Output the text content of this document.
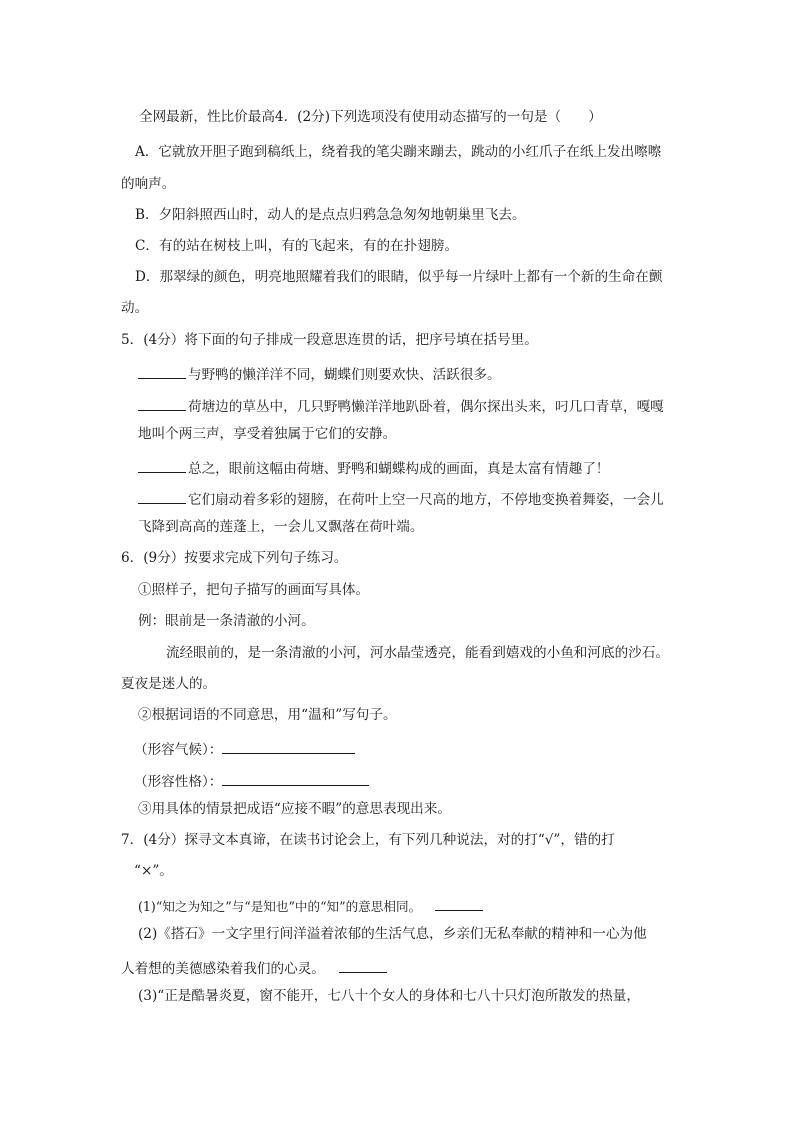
全网最新，性比价最高4．(2分)下列选项没有使用动态描写的一句是（　　）
A．它就放开胆子跑到稿纸上，绕着我的笔尖蹦来蹦去，跳动的小红爪子在纸上发出嚓嚓
的响声。
B．夕阳斜照西山时，动人的是点点归鸦急急匆匆地朝巢里飞去。
C．有的站在树枝上叫，有的飞起来，有的在扑翅膀。
D．那翠绿的颜色，明亮地照耀着我们的眼睛，似乎每一片绿叶上都有一个新的生命在颤
动。
5．(4分）将下面的句子排成一段意思连贯的话，把序号填在括号里。
与野鸭的懒洋洋不同，蝴蝶们则要欢快、活跃很多。
荷塘边的草丛中，几只野鸭懒洋洋地趴卧着，偶尔探出头来，叼几口青草，嘎嘎
地叫个两三声，享受着独属于它们的安静。
总之，眼前这幅由荷塘、野鸭和蝴蝶构成的画面，真是太富有情趣了！
它们扇动着多彩的翅膀，在荷叶上空一尺高的地方，不停地变换着舞姿，一会儿
飞降到高高的莲蓬上，一会儿又飘落在荷叶端。
6．(9分）按要求完成下列句子练习。
①照样子，把句子描写的画面写具体。
例：眼前是一条清澈的小河。
流经眼前的，是一条清澈的小河，河水晶莹透亮，能看到嬉戏的小鱼和河底的沙石。
夏夜是迷人的。
②根据词语的不同意思，用“温和”写句子。
（形容气候）：
（形容性格）：
③用具体的情景把成语“应接不暇”的意思表现出来。
7．(4分）探寻文本真谛，在读书讨论会上，有下列几种说法，对的打“√”，错的打
“×”。
(1)“知之为知之”与“是知也”中的“知”的意思相同。
(2)《搭石》一文字里行间洋溢着浓郁的生活气息，乡亲们无私奉献的精神和一心为他
人着想的美德感染着我们的心灵。
(3)“正是酷暑炎夏，窗不能开，七八十个女人的身体和七八十只灯泡所散发的热量，
